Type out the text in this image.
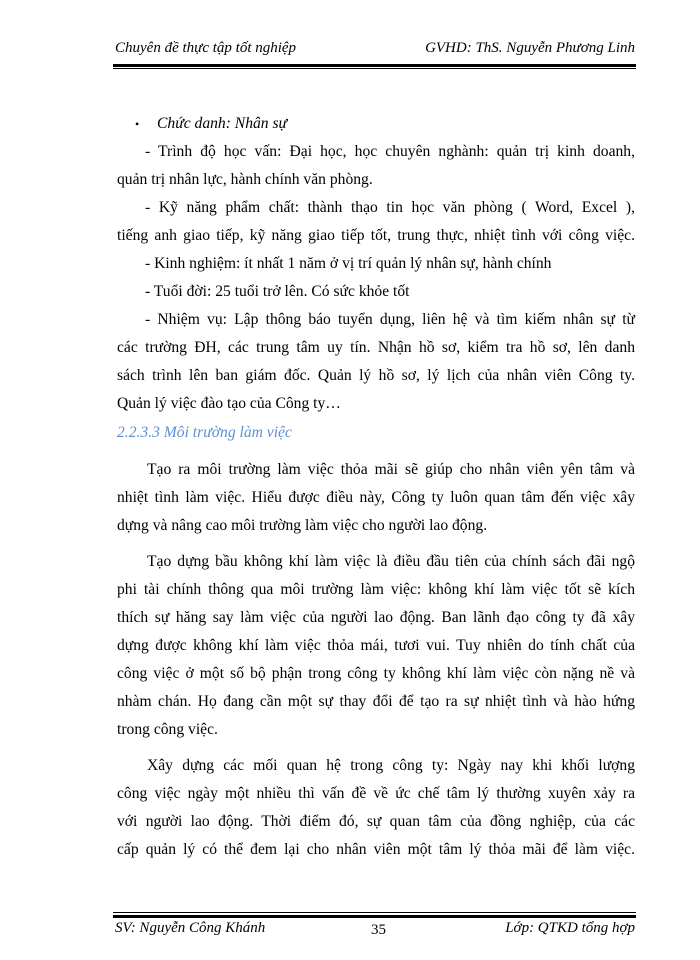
Chuyên đề thực tập tốt nghiệp	GVHD: ThS. Nguyễn Phương Linh
• Chức danh: Nhân sự
- Trình độ học vấn: Đại học, học chuyên nghành: quản trị kinh doanh,
quản trị nhân lực, hành chính văn phòng.
- Kỹ năng phẩm chất: thành thạo tin học văn phòng ( Word, Excel ),
tiếng anh giao tiếp, kỹ năng giao tiếp tốt, trung thực, nhiệt tình với công việc.
- Kinh nghiệm: ít nhất 1 năm ở vị trí quản lý nhân sự, hành chính
- Tuổi đời: 25 tuổi trở lên. Có sức khỏe tốt
- Nhiệm vụ: Lập thông báo tuyển dụng, liên hệ và tìm kiếm nhân sự từ
các trường ĐH, các trung tâm uy tín. Nhận hồ sơ, kiểm tra hồ sơ, lên danh
sách trình lên ban giám đốc. Quản lý hồ sơ, lý lịch của nhân viên Công ty.
Quản lý việc đào tạo của Công ty…
2.2.3.3 Môi trường làm việc
Tạo ra môi trường làm việc thỏa mãi sẽ giúp cho nhân viên yên tâm và
nhiệt tình làm việc. Hiểu được điều này, Công ty luôn quan tâm đến việc xây
dựng và nâng cao môi trường làm việc cho người lao động.
Tạo dựng bầu không khí làm việc là điều đầu tiên của chính sách đãi ngộ
phi tài chính thông qua môi trường làm việc: không khí làm việc tốt sẽ kích
thích sự hăng say làm việc của người lao động. Ban lãnh đạo công ty đã xây
dựng được không khí làm việc thỏa mái, tươi vui. Tuy nhiên do tính chất của
công việc ở một số bộ phận trong công ty không khí làm việc còn nặng nề và
nhàm chán. Họ đang cần một sự thay đổi để tạo ra sự nhiệt tình và hào hứng
trong công việc.
Xây dựng các mối quan hệ trong công ty: Ngày nay khi khối lượng
công việc ngày một nhiều thì vấn đề về ức chế tâm lý thường xuyên xảy ra
với người lao động. Thời điểm đó, sự quan tâm của đồng nghiệp, của các
cấp quản lý có thể đem lại cho nhân viên một tâm lý thỏa mãi để làm việc.
SV: Nguyễn Công Khánh	35	Lớp: QTKD tổng hợp
